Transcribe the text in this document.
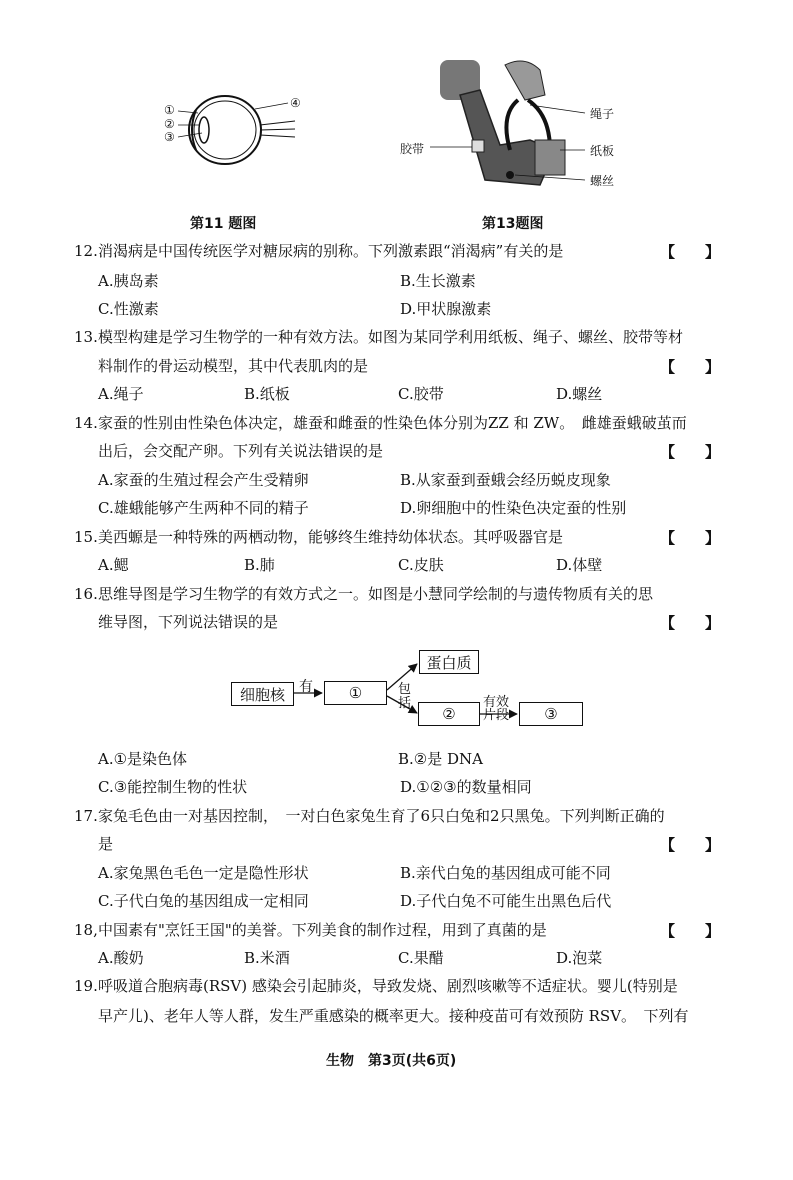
①
②
③
④
第11 题图
绳子
纸板
螺丝
胶带
第13题图
12. 消渴病是中国传统医学对糖尿病的别称。下列激素跟“消渴病”有关的是	【　　】
A.胰岛素	B.生长激素
C.性激素	D.甲状腺激素
13. 模型构建是学习生物学的一种有效方法。如图为某同学利用纸板、绳子、螺丝、胶带等材
料制作的骨运动模型，其中代表肌肉的是	【　　】
A.绳子	B.纸板	C.胶带	D.螺丝
14. 家蚕的性别由性染色体决定，雄蚕和雌蚕的性染色体分别为ZZ 和 ZW。　雌雄蚕蛾破茧而
出后，会交配产卵。下列有关说法错误的是	【　　】
A.家蚕的生殖过程会产生受精卵	B.从家蚕到蚕蛾会经历蜕皮现象
C.雄蛾能够产生两种不同的精子	D.卵细胞中的性染色决定蚕的性别
15. 美西螈是一种特殊的两栖动物，能够终生维持幼体状态。其呼吸器官是	【　　】
A.鳃	B.肺	C.皮肤	D.体壁
16. 思维导图是学习生物学的有效方式之一。如图是小慧同学绘制的与遗传物质有关的思
维导图，下列说法错误的是	【　　】
细胞核	有	①
蛋白质
包括
②
有效片段	③
A.①是染色体	B.②是 DNA
C.③能控制生物的性状	D.①②③的数量相同
17. 家兔毛色由一对基因控制，　一对白色家兔生育了6只白兔和2只黑兔。下列判断正确的
是	【　　】
A.家兔黑色毛色一定是隐性形状	B.亲代白兔的基因组成可能不同
C.子代白兔的基因组成一定相同	D.子代白兔不可能生出黑色后代
18, 中国素有"烹饪王国"的美誉。下列美食的制作过程，用到了真菌的是	【　　】
A.酸奶	B.米酒	C.果醋	D.泡菜
19. 呼吸道合胞病毒(RSV) 感染会引起肺炎，导致发烧、剧烈咳嗽等不适症状。婴儿(特别是
早产儿)、老年人等人群，发生严重感染的概率更大。接种疫苗可有效预防 RSV。　下列有
生物　第3页(共6页)
